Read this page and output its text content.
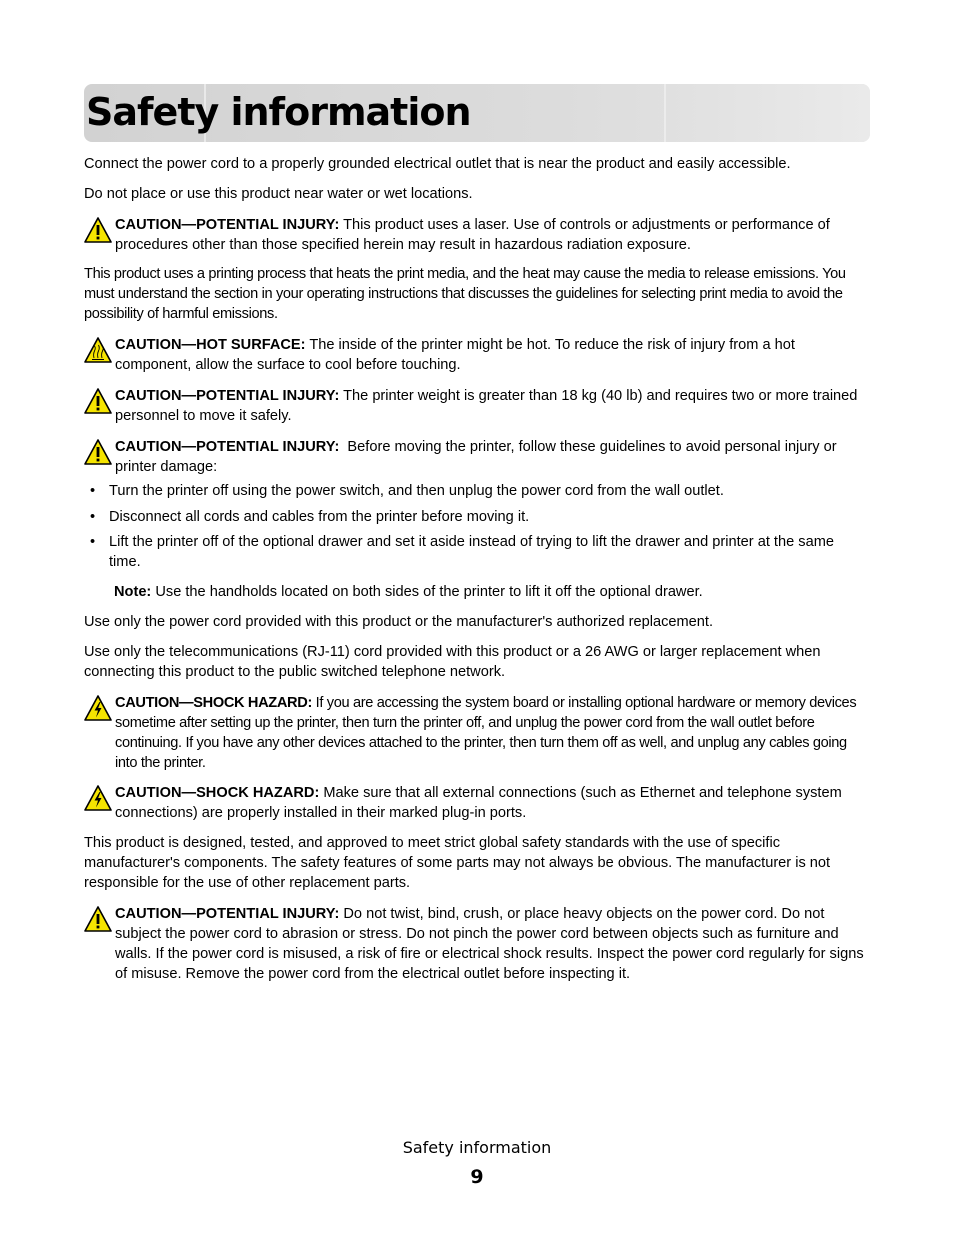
Safety information

Connect the power cord to a properly grounded electrical outlet that is near the product and easily accessible.

Do not place or use this product near water or wet locations.

CAUTION—POTENTIAL INJURY: This product uses a laser. Use of controls or adjustments or performance of procedures other than those specified herein may result in hazardous radiation exposure.

This product uses a printing process that heats the print media, and the heat may cause the media to release emissions. You must understand the section in your operating instructions that discusses the guidelines for selecting print media to avoid the possibility of harmful emissions.

CAUTION—HOT SURFACE: The inside of the printer might be hot. To reduce the risk of injury from a hot component, allow the surface to cool before touching.
CAUTION—POTENTIAL INJURY: The printer weight is greater than 18 kg (40 lb) and requires two or more trained personnel to move it safely.
CAUTION—POTENTIAL INJURY:  Before moving the printer, follow these guidelines to avoid personal injury or printer damage:
• Turn the printer off using the power switch, and then unplug the power cord from the wall outlet.
• Disconnect all cords and cables from the printer before moving it.
• Lift the printer off of the optional drawer and set it aside instead of trying to lift the drawer and printer at the same time.
Note: Use the handholds located on both sides of the printer to lift it off the optional drawer.

Use only the power cord provided with this product or the manufacturer's authorized replacement.

Use only the telecommunications (RJ-11) cord provided with this product or a 26 AWG or larger replacement when connecting this product to the public switched telephone network.

CAUTION—SHOCK HAZARD: If you are accessing the system board or installing optional hardware or memory devices sometime after setting up the printer, then turn the printer off, and unplug the power cord from the wall outlet before continuing. If you have any other devices attached to the printer, then turn them off as well, and unplug any cables going into the printer.
CAUTION—SHOCK HAZARD: Make sure that all external connections (such as Ethernet and telephone system connections) are properly installed in their marked plug-in ports.

This product is designed, tested, and approved to meet strict global safety standards with the use of specific manufacturer's components. The safety features of some parts may not always be obvious. The manufacturer is not responsible for the use of other replacement parts.

CAUTION—POTENTIAL INJURY: Do not twist, bind, crush, or place heavy objects on the power cord. Do not subject the power cord to abrasion or stress. Do not pinch the power cord between objects such as furniture and walls. If the power cord is misused, a risk of fire or electrical shock results. Inspect the power cord regularly for signs of misuse. Remove the power cord from the electrical outlet before inspecting it.
Safety information
9
